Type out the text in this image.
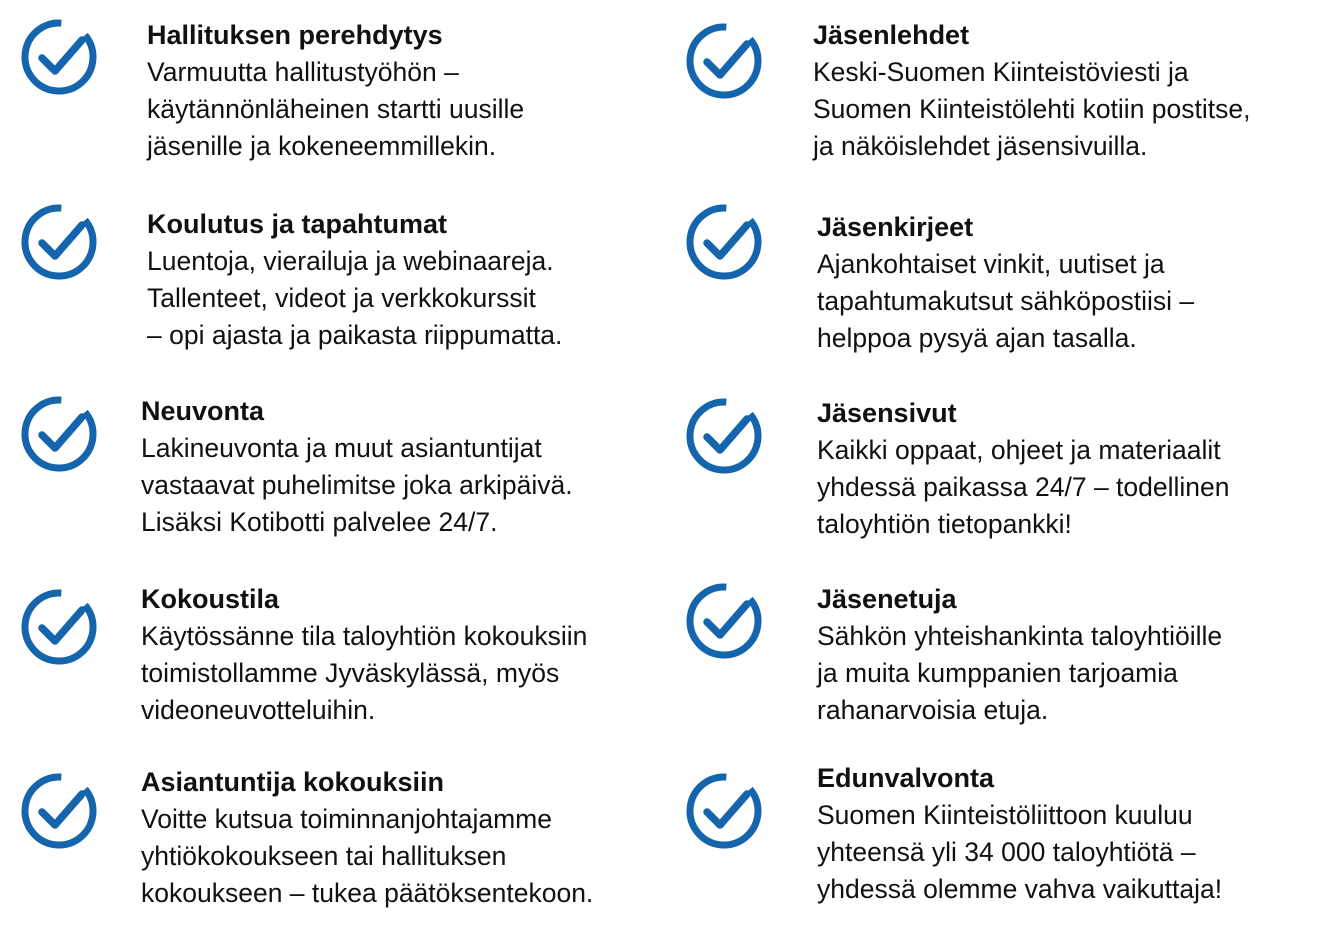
Hallituksen perehdytys
Varmuutta hallitustyöhön –
käytännönläheinen startti uusille
jäsenille ja kokeneemmillekin.
Koulutus ja tapahtumat
Luentoja, vierailuja ja webinaareja.
Tallenteet, videot ja verkkokurssit
– opi ajasta ja paikasta riippumatta.
Neuvonta
Lakineuvonta ja muut asiantuntijat
vastaavat puhelimitse joka arkipäivä.
Lisäksi Kotibotti palvelee 24/7.
Kokoustila
Käytössänne tila taloyhtiön kokouksiin
toimistollamme Jyväskylässä, myös
videoneuvotteluihin.
Asiantuntija kokouksiin
Voitte kutsua toiminnanjohtajamme
yhtiökokoukseen tai hallituksen
kokoukseen – tukea päätöksentekoon.
Jäsenlehdet
Keski-Suomen Kiinteistöviesti ja
Suomen Kiinteistölehti kotiin postitse,
ja näköislehdet jäsensivuilla.
Jäsenkirjeet
Ajankohtaiset vinkit, uutiset ja
tapahtumakutsut sähköpostiisi –
helppoa pysyä ajan tasalla.
Jäsensivut
Kaikki oppaat, ohjeet ja materiaalit
yhdessä paikassa 24/7 – todellinen
taloyhtiön tietopankki!
Jäsenetuja
Sähkön yhteishankinta taloyhtiöille
ja muita kumppanien tarjoamia
rahanarvoisia etuja.
Edunvalvonta
Suomen Kiinteistöliittoon kuuluu
yhteensä yli 34 000 taloyhtiötä –
yhdessä olemme vahva vaikuttaja!
